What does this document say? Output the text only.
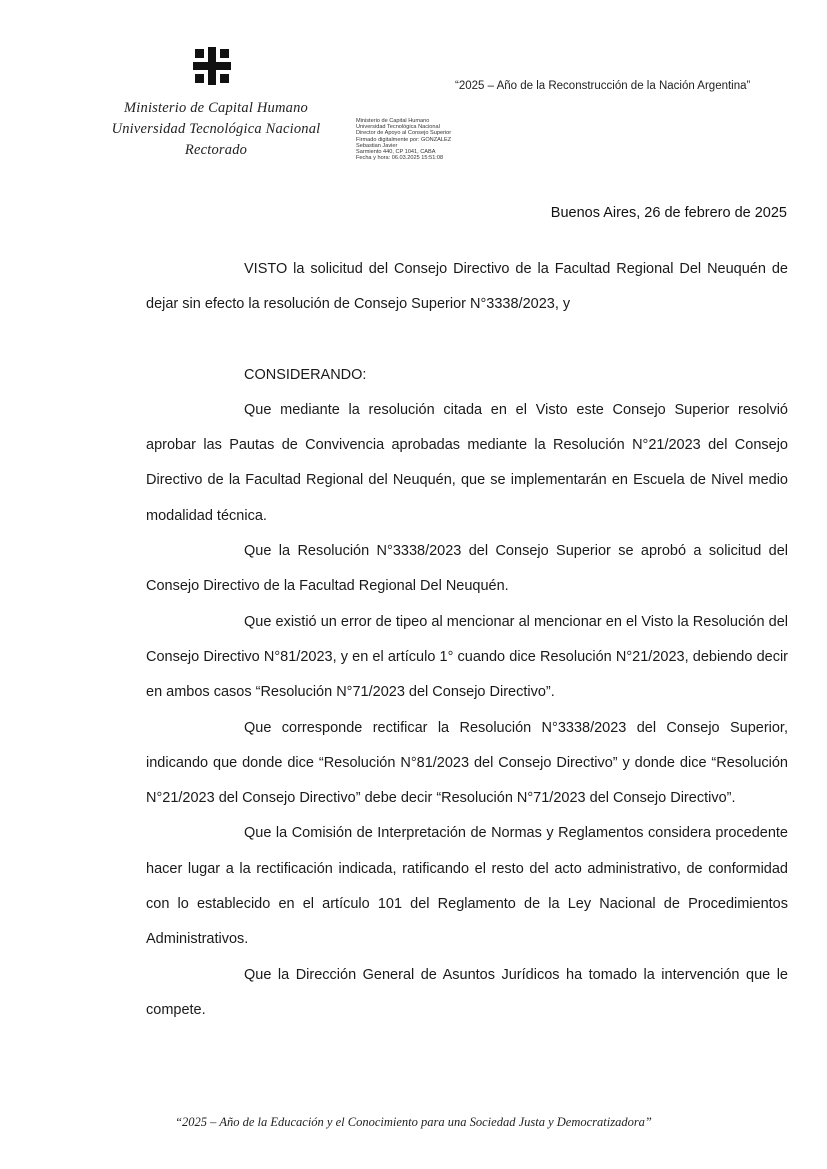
Ministerio de Capital Humano
Universidad Tecnológica Nacional
Rectorado
Ministerio de Capital Humano
Universidad Tecnológica Nacional
Director de Apoyo al Consejo Superior
Firmado digitalmente por: GONZALEZ
Sebastian Javier
Sarmiento 440, CP 1041, CABA
Fecha y hora: 06.03.2025 15:51:08
“2025 – Año de la Reconstrucción de la Nación Argentina”
Buenos Aires, 26 de febrero de 2025

VISTO la solicitud del Consejo Directivo de la Facultad Regional Del Neuquén de dejar sin efecto la resolución de Consejo Superior N°3338/2023, y

CONSIDERANDO:

Que mediante la resolución citada en el Visto este Consejo Superior resolvió aprobar las Pautas de Convivencia aprobadas mediante la Resolución N°21/2023 del Consejo Directivo de la Facultad Regional del Neuquén, que se implementarán en Escuela de Nivel medio modalidad técnica.

Que la Resolución N°3338/2023 del Consejo Superior se aprobó a solicitud del Consejo Directivo de la Facultad Regional Del Neuquén.

Que existió un error de tipeo al mencionar al mencionar en el Visto la Resolución del Consejo Directivo N°81/2023, y en el artículo 1° cuando dice Resolución N°21/2023, debiendo decir en ambos casos “Resolución N°71/2023 del Consejo Directivo”.

Que corresponde rectificar la Resolución N°3338/2023 del Consejo Superior, indicando que donde dice “Resolución N°81/2023 del Consejo Directivo” y donde dice “Resolución N°21/2023 del Consejo Directivo” debe decir “Resolución N°71/2023 del Consejo Directivo”.

Que la Comisión de Interpretación de Normas y Reglamentos considera procedente hacer lugar a la rectificación indicada, ratificando el resto del acto administrativo, de conformidad con lo establecido en el artículo 101 del Reglamento de la Ley Nacional de Procedimientos Administrativos.

Que la Dirección General de Asuntos Jurídicos ha tomado la intervención que le compete.

“2025 – Año de la Educación y el Conocimiento para una Sociedad Justa y Democratizadora”
